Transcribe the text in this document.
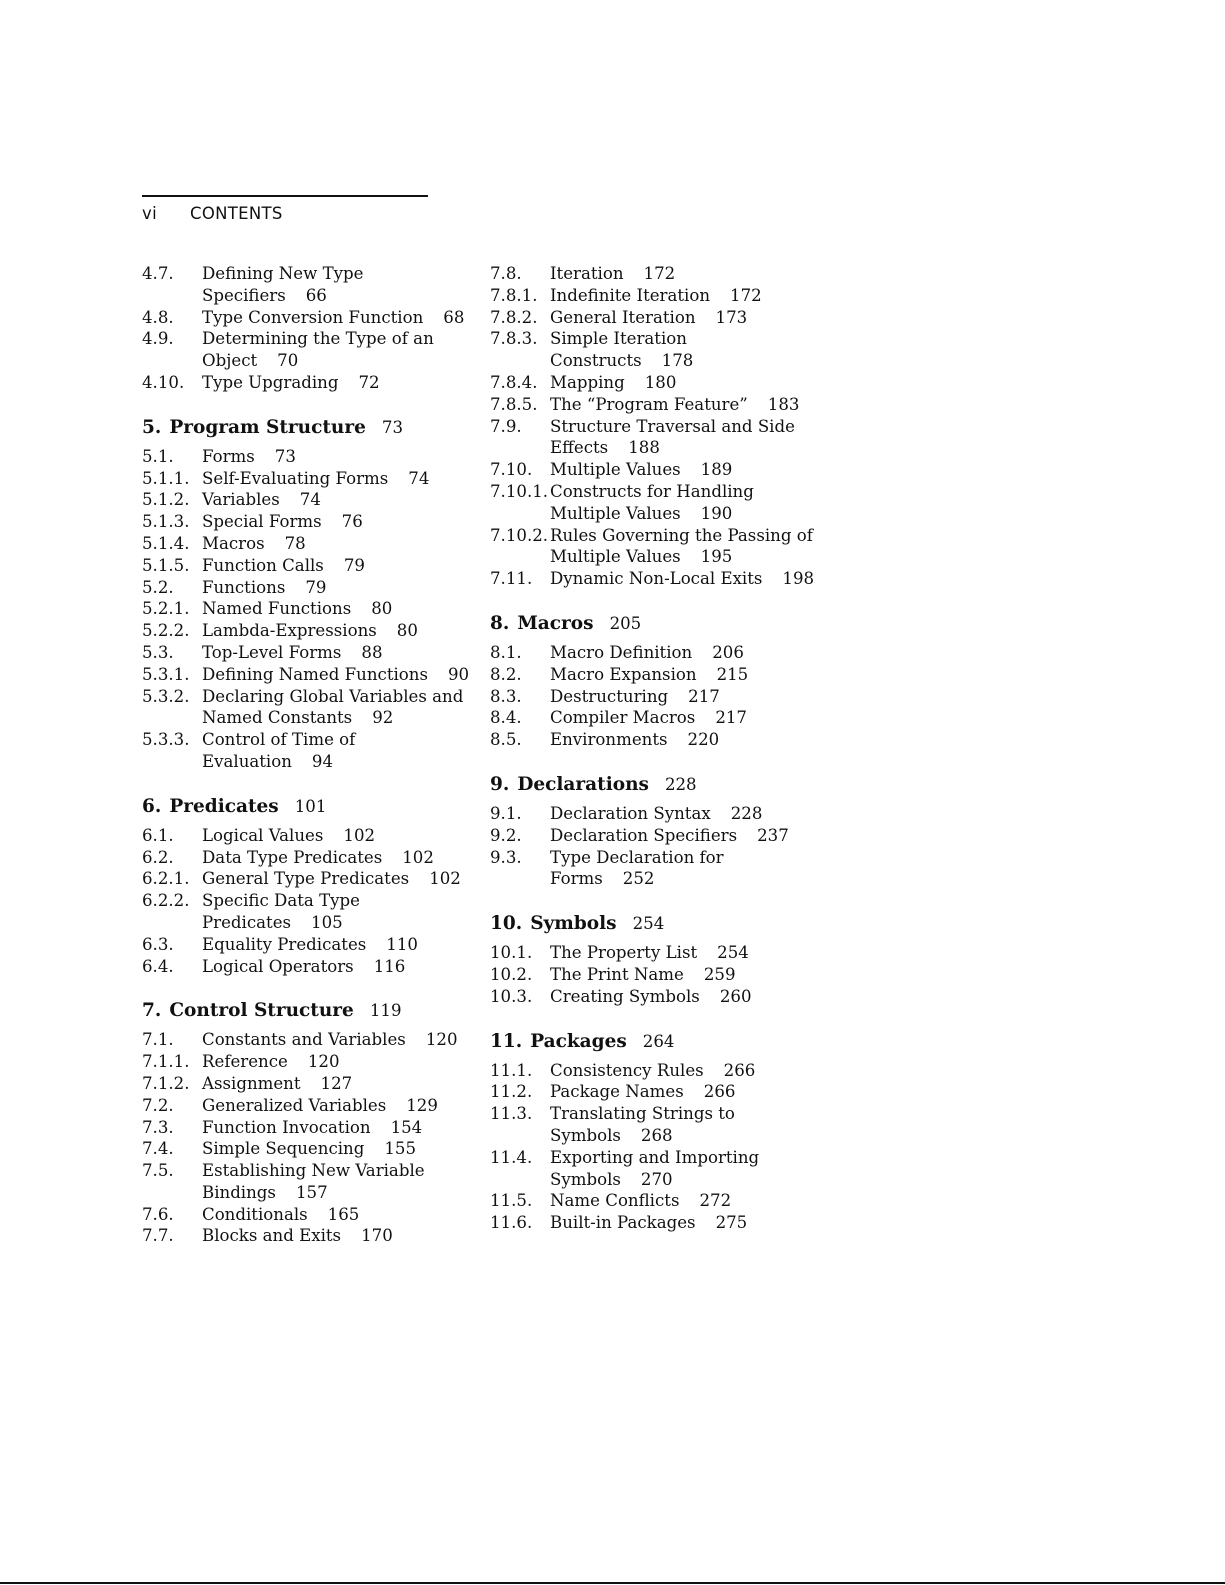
vi CONTENTS
4.7.	Defining New Type Specifiers 66
4.8.	Type Conversion Function 68
4.9.	Determining the Type of an Object 70
4.10.	Type Upgrading 72
5. Program Structure 73
5.1.	Forms 73
5.1.1. Self-Evaluating Forms 74
5.1.2. Variables 74
5.1.3. Special Forms 76
5.1.4. Macros 78
5.1.5. Function Calls 79
5.2.	Functions 79
5.2.1. Named Functions 80
5.2.2. Lambda-Expressions 80
5.3.	Top-Level Forms 88
5.3.1. Defining Named Functions 90
5.3.2. Declaring Global Variables and Named Constants 92
5.3.3. Control of Time of Evaluation 94
6. Predicates 101
6.1.	Logical Values 102
6.2.	Data Type Predicates 102
6.2.1. General Type Predicates 102
6.2.2. Specific Data Type Predicates 105
6.3.	Equality Predicates 110
6.4.	Logical Operators 116
7. Control Structure 119
7.1.	Constants and Variables 120
7.1.1. Reference 120
7.1.2. Assignment 127
7.2.	Generalized Variables 129
7.3.	Function Invocation 154
7.4.	Simple Sequencing 155
7.5.	Establishing New Variable Bindings 157
7.6.	Conditionals 165
7.7.	Blocks and Exits 170
7.8.	Iteration 172
7.8.1. Indefinite Iteration 172
7.8.2. General Iteration 173
7.8.3. Simple Iteration Constructs 178
7.8.4. Mapping 180
7.8.5. The “Program Feature” 183
7.9.	Structure Traversal and Side Effects 188
7.10.	Multiple Values 189
7.10.1. Constructs for Handling Multiple Values 190
7.10.2. Rules Governing the Passing of Multiple Values 195
7.11.	Dynamic Non-Local Exits 198
8. Macros 205
8.1.	Macro Definition 206
8.2.	Macro Expansion 215
8.3.	Destructuring 217
8.4.	Compiler Macros 217
8.5.	Environments 220
9. Declarations 228
9.1.	Declaration Syntax 228
9.2.	Declaration Specifiers 237
9.3.	Type Declaration for Forms 252
10. Symbols 254
10.1.	The Property List 254
10.2.	The Print Name 259
10.3.	Creating Symbols 260
11. Packages 264
11.1.	Consistency Rules 266
11.2.	Package Names 266
11.3.	Translating Strings to Symbols 268
11.4.	Exporting and Importing Symbols 270
11.5.	Name Conflicts 272
11.6.	Built-in Packages 275
